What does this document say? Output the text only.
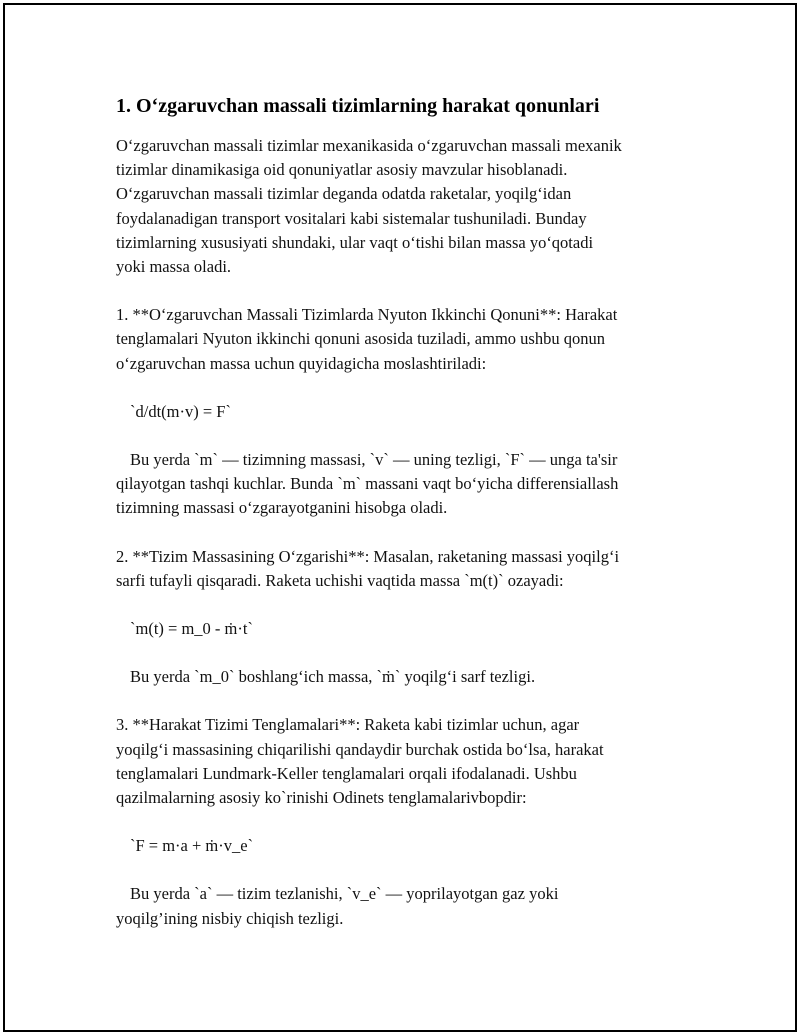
1. O‘zgaruvchan massali tizimlarning harakat qonunlari

O‘zgaruvchan massali tizimlar mexanikasida o‘zgaruvchan massali mexanik
tizimlar dinamikasiga oid qonuniyatlar asosiy mavzular hisoblanadi.
O‘zgaruvchan massali tizimlar deganda odatda raketalar, yoqilg‘idan
foydalanadigan transport vositalari kabi sistemalar tushuniladi. Bunday
tizimlarning xususiyati shundaki, ular vaqt o‘tishi bilan massa yo‘qotadi
yoki massa oladi.

1. **O‘zgaruvchan Massali Tizimlarda Nyuton Ikkinchi Qonuni**: Harakat
tenglamalari Nyuton ikkinchi qonuni asosida tuziladi, ammo ushbu qonun
o‘zgaruvchan massa uchun quyidagicha moslashtiriladi:

`d/dt(m·v) = F`

Bu yerda `m` — tizimning massasi, `v` — uning tezligi, `F` — unga ta'sir
qilayotgan tashqi kuchlar. Bunda `m` massani vaqt bo‘yicha differensiallash
tizimning massasi o‘zgarayotganini hisobga oladi.

2. **Tizim Massasining O‘zgarishi**: Masalan, raketaning massasi yoqilg‘i
sarfi tufayli qisqaradi. Raketa uchishi vaqtida massa `m(t)` ozayadi:

`m(t) = m_0 - ṁ·t`

Bu yerda `m_0` boshlang‘ich massa, `ṁ` yoqilg‘i sarf tezligi.

3. **Harakat Tizimi Tenglamalari**: Raketa kabi tizimlar uchun, agar
yoqilg‘i massasining chiqarilishi qandaydir burchak ostida bo‘lsa, harakat
tenglamalari Lundmark-Keller tenglamalari orqali ifodalanadi. Ushbu
qazilmalarning asosiy ko`rinishi Odinets tenglamalarivbopdir:

`F = m·a + ṁ·v_e`

Bu yerda `a` — tizim tezlanishi, `v_e` — yoprilayotgan gaz yoki
yoqilg’ining nisbiy chiqish tezligi.
